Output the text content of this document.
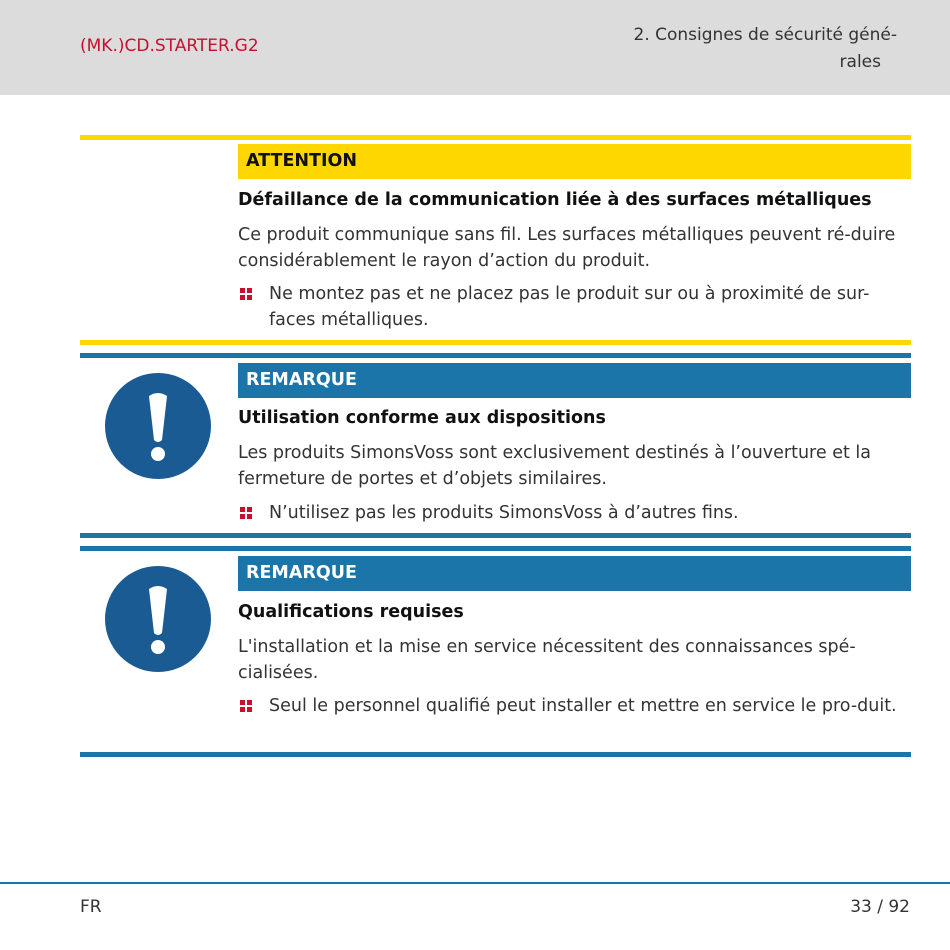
(MK.)CD.STARTER.G2
2. Consignes de sécurité géné-
rales
ATTENTION
Défaillance de la communication liée à des surfaces métalliques
Ce produit communique sans fil. Les surfaces métalliques peuvent ré-duire considérablement le rayon d’action du produit.
Ne montez pas et ne placez pas le produit sur ou à proximité de sur-faces métalliques.
REMARQUE
Utilisation conforme aux dispositions
Les produits SimonsVoss sont exclusivement destinés à l’ouverture et la fermeture de portes et d’objets similaires.
N’utilisez pas les produits SimonsVoss à d’autres fins.
REMARQUE
Qualifications requises
L'installation et la mise en service nécessitent des connaissances spé-cialisées.
Seul le personnel qualifié peut installer et mettre en service le pro-duit.
FR	33 / 92
